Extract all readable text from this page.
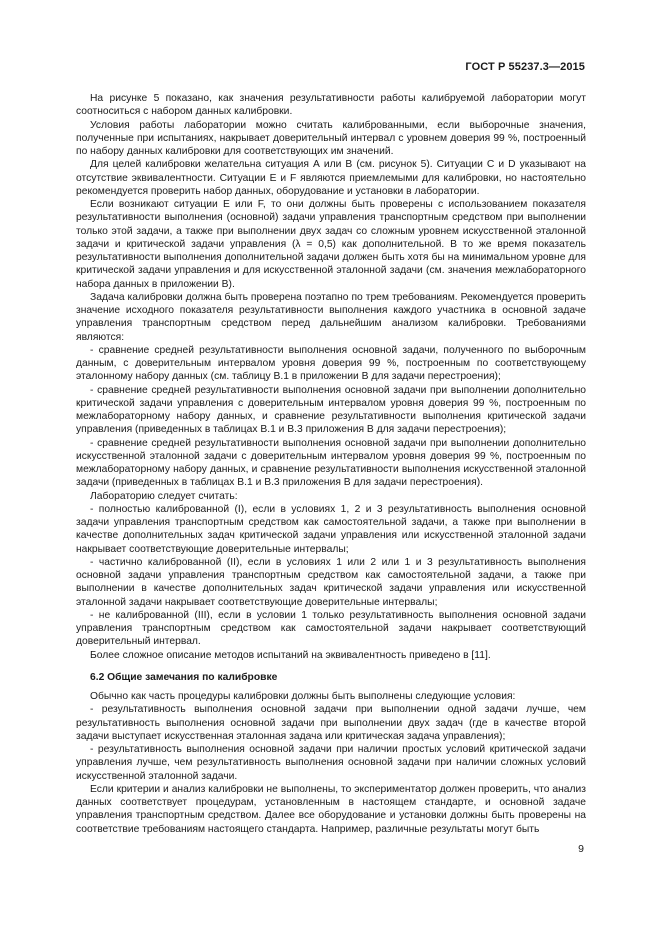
ГОСТ Р 55237.3—2015

На рисунке 5 показано, как значения результативности работы калибруемой лаборатории могут соотноситься с набором данных калибровки.

Условия работы лаборатории можно считать калиброванными, если выборочные значения, полученные при испытаниях, накрывает доверительный интервал с уровнем доверия 99 %, построенный по набору данных калибровки для соответствующих им значений.

Для целей калибровки желательна ситуация А или В (см. рисунок 5). Ситуации С и D указывают на отсутствие эквивалентности. Ситуации Е и F являются приемлемыми для калибровки, но настоятельно рекомендуется проверить набор данных, оборудование и установки в лаборатории.

Если возникают ситуации Е или F, то они должны быть проверены с использованием показателя результативности выполнения (основной) задачи управления транспортным средством при выполнении только этой задачи, а также при выполнении двух задач со сложным уровнем искусственной эталонной задачи и критической задачи управления (λ = 0,5) как дополнительной. В то же время показатель результативности выполнения дополнительной задачи должен быть хотя бы на минимальном уровне для критической задачи управления и для искусственной эталонной задачи (см. значения межлабораторного набора данных в приложении В).

Задача калибровки должна быть проверена поэтапно по трем требованиям. Рекомендуется проверить значение исходного показателя результативности выполнения каждого участника в основной задаче управления транспортным средством перед дальнейшим анализом калибровки. Требованиями являются:

- сравнение средней результативности выполнения основной задачи, полученного по выборочным данным, с доверительным интервалом уровня доверия 99 %, построенным по соответствующему эталонному набору данных (см. таблицу В.1 в приложении В для задачи перестроения);

- сравнение средней результативности выполнения основной задачи при выполнении дополнительно критической задачи управления с доверительным интервалом уровня доверия 99 %, построенным по межлабораторному набору данных, и сравнение результативности выполнения критической задачи управления (приведенных в таблицах В.1 и В.3 приложения В для задачи перестроения);

- сравнение средней результативности выполнения основной задачи при выполнении дополнительно искусственной эталонной задачи с доверительным интервалом уровня доверия 99 %, построенным по межлабораторному набору данных, и сравнение результативности выполнения искусственной эталонной задачи (приведенных в таблицах В.1 и В.3 приложения В для задачи перестроения).

Лабораторию следует считать:

- полностью калиброванной (I), если в условиях 1, 2 и 3 результативность выполнения основной задачи управления транспортным средством как самостоятельной задачи, а также при выполнении в качестве дополнительных задач критической задачи управления или искусственной эталонной задачи накрывает соответствующие доверительные интервалы;

- частично калиброванной (II), если в условиях 1 или 2 или 1 и 3 результативность выполнения основной задачи управления транспортным средством как самостоятельной задачи, а также при выполнении в качестве дополнительных задач критической задачи управления или искусственной эталонной задачи накрывает соответствующие доверительные интервалы;

- не калиброванной (III), если в условии 1 только результативность выполнения основной задачи управления транспортным средством как самостоятельной задачи накрывает соответствующий доверительный интервал.

Более сложное описание методов испытаний на эквивалентность приведено в [11].

6.2 Общие замечания по калибровке

Обычно как часть процедуры калибровки должны быть выполнены следующие условия:

- результативность выполнения основной задачи при выполнении одной задачи лучше, чем результативность выполнения основной задачи при выполнении двух задач (где в качестве второй задачи выступает искусственная эталонная задача или критическая задача управления);

- результативность выполнения основной задачи при наличии простых условий критической задачи управления лучше, чем результативность выполнения основной задачи при наличии сложных условий искусственной эталонной задачи.

Если критерии и анализ калибровки не выполнены, то экспериментатор должен проверить, что анализ данных соответствует процедурам, установленным в настоящем стандарте, и основной задаче управления транспортным средством. Далее все оборудование и установки должны быть проверены на соответствие требованиям настоящего стандарта. Например, различные результаты могут быть

9
